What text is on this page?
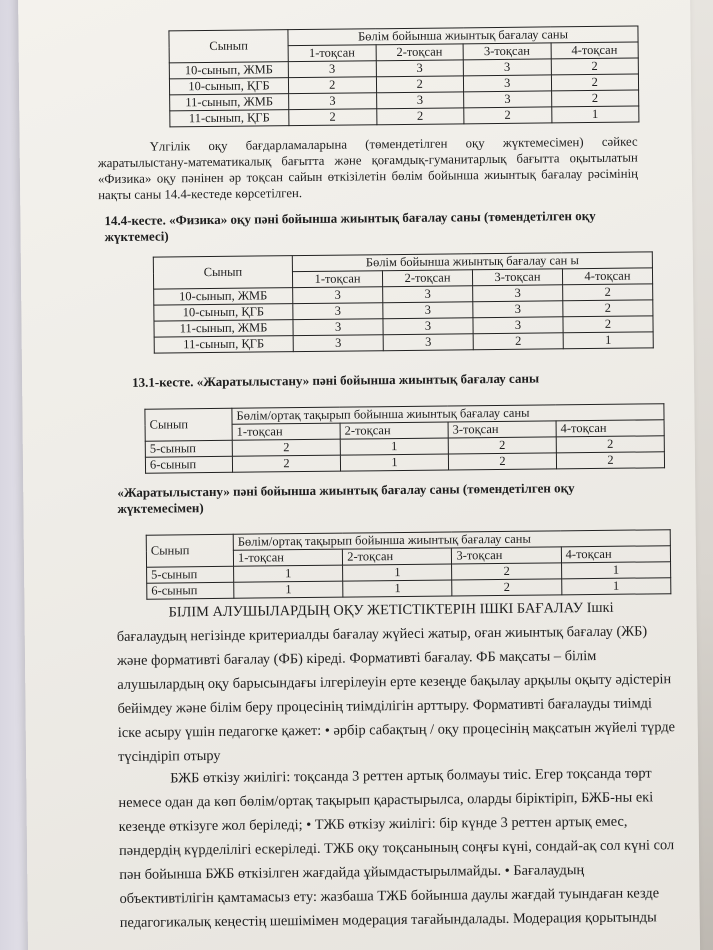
Сынып	Бөлім бойынша жиынтық бағалау саны			
	1-тоқсан	2-тоқсан	3-тоқсан	4-тоқсан
10-сынып, ЖМБ	3	3	3	2
10-сынып, ҚГБ	2	2	3	2
11-сынып, ЖМБ	3	3	3	2
11-сынып, ҚГБ	2	2	2	1
Үлгілік оқу бағдарламаларына (төмендетілген оқу жүктемесімен) сәйкес жаратылыстану-математикалық бағытта және қоғамдық-гуманитарлық бағытта оқытылатын «Физика» оқу пәнінен әр тоқсан сайын өткізілетін бөлім бойынша жиынтық бағалау рәсімінің нақты саны 14.4-кестеде көрсетілген.
14.4-кесте. «Физика» оқу пәні бойынша жиынтық бағалау саны (төмендетілген оқу жүктемесі)
Сынып	Бөлім бойынша жиынтық бағалау сан ы			
	1-тоқсан	2-тоқсан	3-тоқсан	4-тоқсан
10-сынып, ЖМБ	3	3	3	2
10-сынып, ҚГБ	3	3	3	2
11-сынып, ЖМБ	3	3	3	2
11-сынып, ҚГБ	3	3	2	1
13.1-кесте. «Жаратылыстану» пәні бойынша жиынтық бағалау саны
Сынып	Бөлім/ортақ тақырып бойынша жиынтық бағалау саны			
	1-тоқсан	2-тоқсан	3-тоқсан	4-тоқсан
5-сынып	2	1	2	2
6-сынып	2	1	2	2
«Жаратылыстану» пәні бойынша жиынтық бағалау саны (төмендетілген оқу жүктемесімен)
Сынып	Бөлім/ортақ тақырып бойынша жиынтық бағалау саны			
	1-тоқсан	2-тоқсан	3-тоқсан	4-тоқсан
5-сынып	1	1	2	1
6-сынып	1	1	2	1
БІЛІМ АЛУШЫЛАРДЫҢ ОҚУ ЖЕТІСТІКТЕРІН ІШКІ БАҒАЛАУ Ішкі бағалаудың негізінде критериалды бағалау жүйесі жатыр, оған жиынтық бағалау (ЖБ) және формативті бағалау (ФБ) кіреді. Формативті бағалау. ФБ мақсаты – білім алушылардың оқу барысындағы ілгерілеуін ерте кезеңде бақылау арқылы оқыту әдістерін бейімдеу және білім беру процесінің тиімділігін арттыру. Формативті бағалауды тиімді іске асыру үшін педагогке қажет: • әрбір сабақтың / оқу процесінің мақсатын жүйелі түрде түсіндіріп отыру
БЖБ өткізу жиілігі: тоқсанда 3 реттен артық болмауы тиіс. Егер тоқсанда төрт немесе одан да көп бөлім/ортақ тақырып қарастырылса, оларды біріктіріп, БЖБ-ны екі кезеңде өткізуге жол беріледі; • ТЖБ өткізу жиілігі: бір күнде 3 реттен артық емес, пәндердің күрделілігі ескеріледі. ТЖБ оқу тоқсанының соңғы күні, сондай-ақ сол күні сол пән бойынша БЖБ өткізілген жағдайда ұйымдастырылмайды. • Бағалаудың объективтілігін қамтамасыз ету: жазбаша ТЖБ бойынша даулы жағдай туындаған кезде педагогикалық кеңестің шешімімен модерация тағайындалады. Модерация қорытынды
